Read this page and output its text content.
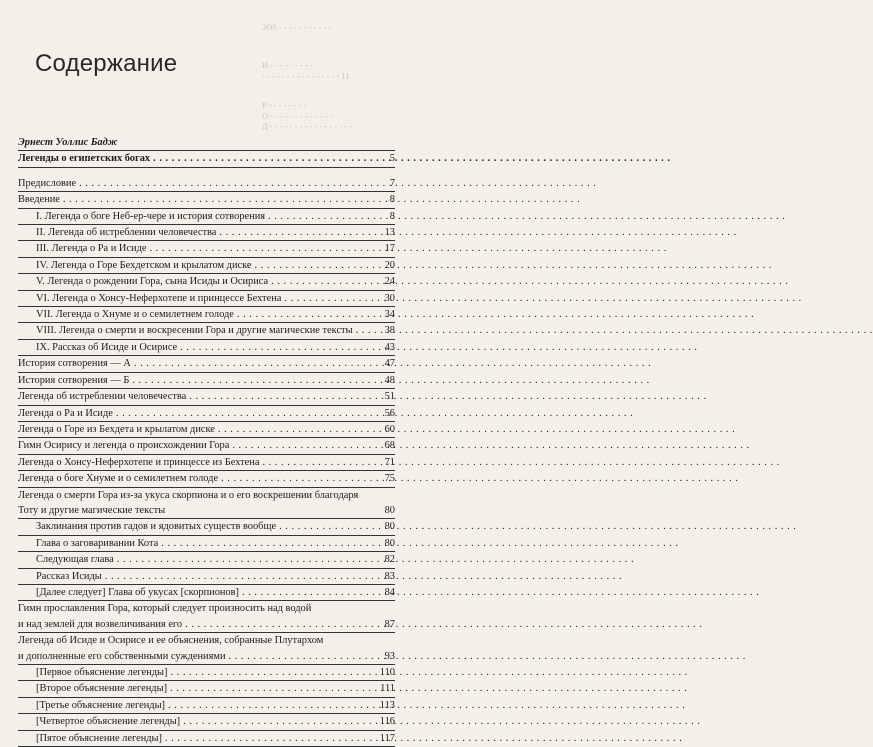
ЗОб - - - - - - - - - - -
И - - - - - - - - -
- - - - - - - - - - - - - - - - 11
Р - - - - - - - -
О - - - - - - - - - - - - -
Д - - - - - - - - - - - - - - - - -
Содержание
Эрнест Уоллис Бадж
Легенды о египетских богах . . .	5
Предисловие . . .	7
Введение . . .	8
I. Легенда о боге Неб-ер-чере и история сотворения . . .	8
II. Легенда об истреблении человечества . . .	13
III. Легенда о Ра и Исиде . . .	17
IV. Легенда о Горе Бехдетском и крылатом диске . . .	20
V. Легенда о рождении Гора, сына Исиды и Осириса . . .	24
VI. Легенда о Хонсу-Неферхотепе и принцессе Бехтена . . .	30
VII. Легенда о Хнуме и о семилетнем голоде . . .	34
VIII. Легенда о смерти и воскресении Гора и другие магические тексты . . .	38
IX. Рассказ об Исиде и Осирисе . . .	43
История сотворения — А . . .	47
История сотворения — Б . . .	48
Легенда об истреблении человечества . . .	51
Легенда о Ра и Исиде . . .	56
Легенда о Горе из Бехдета и крылатом диске . . .	60
Гимн Осирису и легенда о происхождении Гора . . .	68
Легенда о Хонсу-Неферхотепе и принцессе из Бехтена . . .	71
Легенда о боге Хнуме и о семилетнем голоде . . .	75
Легенда о смерти Гора из-за укуса скорпиона и о его воскрешении благодаря
Тоту и другие магические тексты	80
Заклинания против гадов и ядовитых существ вообще . . .	80
Глава о заговаривании Кота . . .	80
Следующая глава . . .	82
Рассказ Исиды . . .	83
[Далее следует] Глава об укусах [скорпионов] . . .	84
Гимн прославления Гора, который следует произносить над водой
и над землей для возвеличивания его . . .	87
Легенда об Исиде и Осирисе и ее объяснения, собранные Плутархом
и дополненные его собственными суждениями . . .	93
[Первое объяснение легенды] . . .	110
[Второе объяснение легенды] . . .	111
[Третье объяснение легенды] . . .	113
[Четвертое объяснение легенды] . . .	116
[Пятое объяснение легенды] . . .	117
